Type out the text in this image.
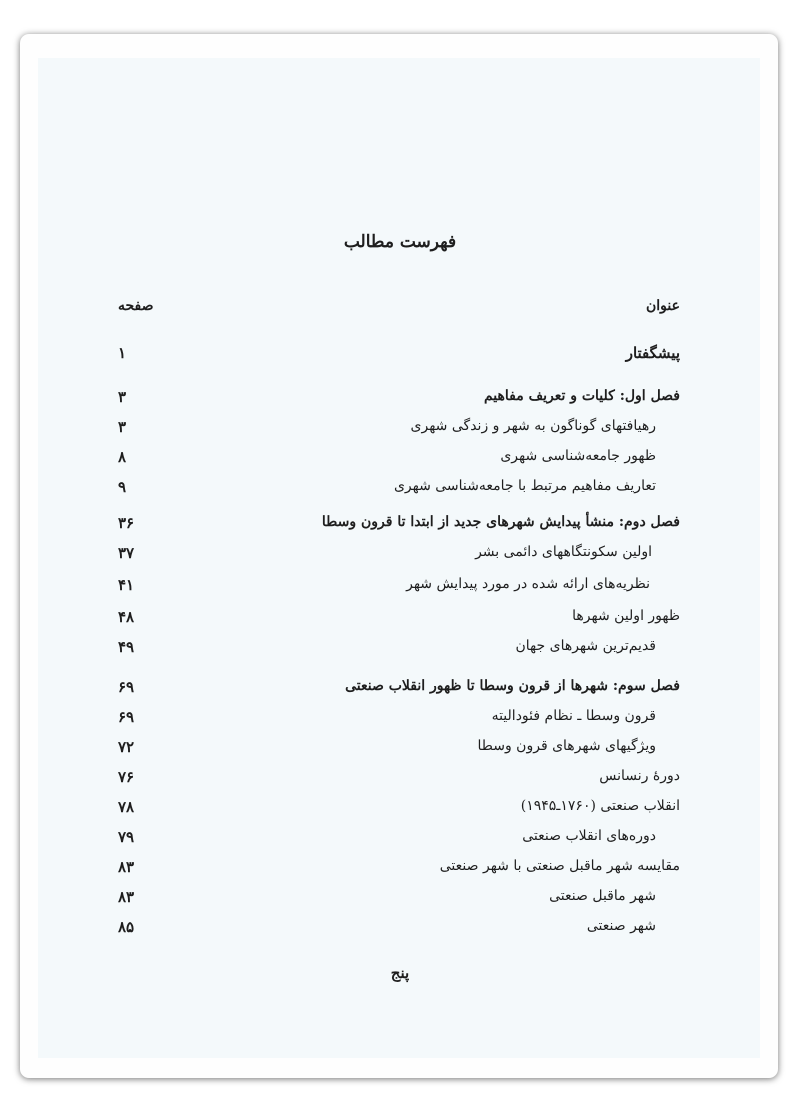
فهرست مطالب
عنوان
صفحه
پیشگفتار
۱
فصل اول: کلیات و تعریف مفاهیم
۳
رهیافتهای گوناگون به شهر و زندگی شهری
۳
ظهور جامعه‌شناسی شهری
۸
تعاریف مفاهیم مرتبط با جامعه‌شناسی شهری
۹
فصل دوم: منشأ پیدایش شهرهای جدید از ابتدا تا قرون وسطا
۳۶
اولین سکونتگاههای دائمی بشر
۳۷
نظریه‌های ارائه شده در مورد پیدایش شهر
۴۱
ظهور اولین شهرها
۴۸
قدیم‌ترین شهرهای جهان
۴۹
فصل سوم: شهرها از قرون وسطا تا ظهور انقلاب صنعتی
۶۹
قرون وسطا ـ نظام فئودالیته
۶۹
ویژگیهای شهرهای قرون وسطا
۷۲
دورهٔ رنسانس
۷۶
انقلاب صنعتی (۱۷۶۰ـ۱۹۴۵)
۷۸
دوره‌های انقلاب صنعتی
۷۹
مقایسه شهر ماقبل صنعتی با شهر صنعتی
۸۳
شهر ماقبل صنعتی
۸۳
شهر صنعتی
۸۵
پنج
